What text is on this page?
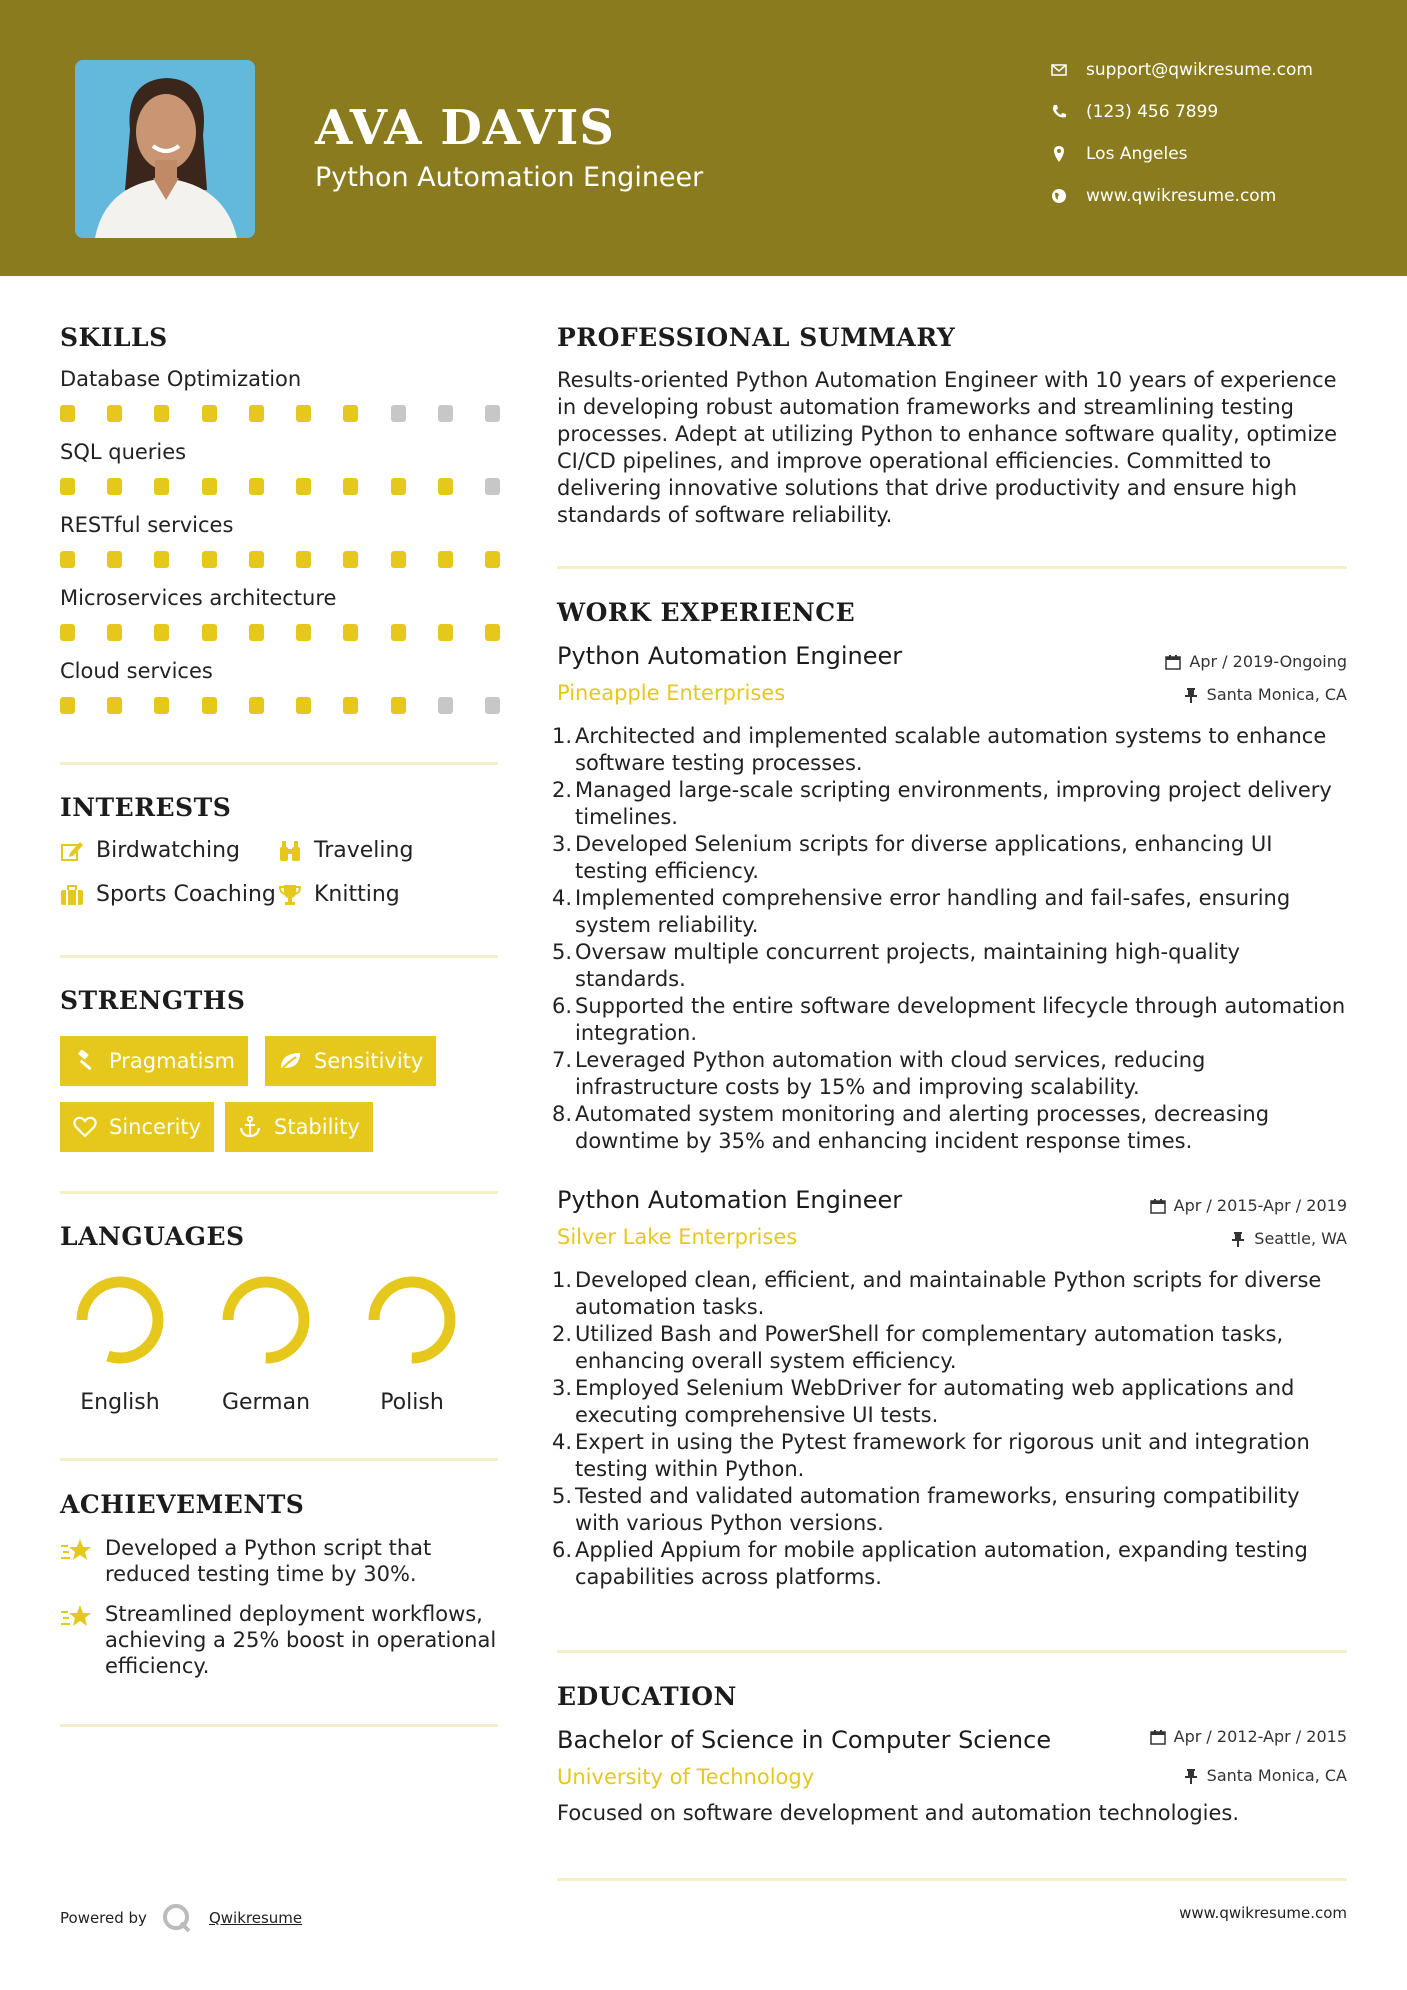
AVA DAVIS
Python Automation Engineer
support@qwikresume.com
(123) 456 7899
Los Angeles
www.qwikresume.com
SKILLS
Database Optimization
SQL queries
RESTful services
Microservices architecture
Cloud services
INTERESTS
Birdwatching	Traveling
Sports Coaching Knitting
STRENGTHS
Pragmatism	Sensitivity
Sincerity	Stability
LANGUAGES
English	German	Polish
ACHIEVEMENTS
Developed a Python script that reduced testing time by 30%.
Streamlined deployment workflows, achieving a 25% boost in operational efficiency.
PROFESSIONAL SUMMARY
Results-oriented Python Automation Engineer with 10 years of experience in developing robust automation frameworks and streamlining testing processes. Adept at utilizing Python to enhance software quality, optimize CI/CD pipelines, and improve operational efficiencies. Committed to delivering innovative solutions that drive productivity and ensure high standards of software reliability.
WORK EXPERIENCE
Python Automation Engineer	Apr / 2019-Ongoing
Pineapple Enterprises	Santa Monica, CA
1. Architected and implemented scalable automation systems to enhance software testing processes.
2. Managed large-scale scripting environments, improving project delivery timelines.
3. Developed Selenium scripts for diverse applications, enhancing UI testing efficiency.
4. Implemented comprehensive error handling and fail-safes, ensuring system reliability.
5. Oversaw multiple concurrent projects, maintaining high-quality standards.
6. Supported the entire software development lifecycle through automation integration.
7. Leveraged Python automation with cloud services, reducing infrastructure costs by 15% and improving scalability.
8. Automated system monitoring and alerting processes, decreasing downtime by 35% and enhancing incident response times.
Python Automation Engineer	Apr / 2015-Apr / 2019
Silver Lake Enterprises	Seattle, WA
1. Developed clean, efficient, and maintainable Python scripts for diverse automation tasks.
2. Utilized Bash and PowerShell for complementary automation tasks, enhancing overall system efficiency.
3. Employed Selenium WebDriver for automating web applications and executing comprehensive UI tests.
4. Expert in using the Pytest framework for rigorous unit and integration testing within Python.
5. Tested and validated automation frameworks, ensuring compatibility with various Python versions.
6. Applied Appium for mobile application automation, expanding testing capabilities across platforms.
EDUCATION
Bachelor of Science in Computer Science	Apr / 2012-Apr / 2015
University of Technology	Santa Monica, CA
Focused on software development and automation technologies.
Powered by	Qwikresume	www.qwikresume.com
